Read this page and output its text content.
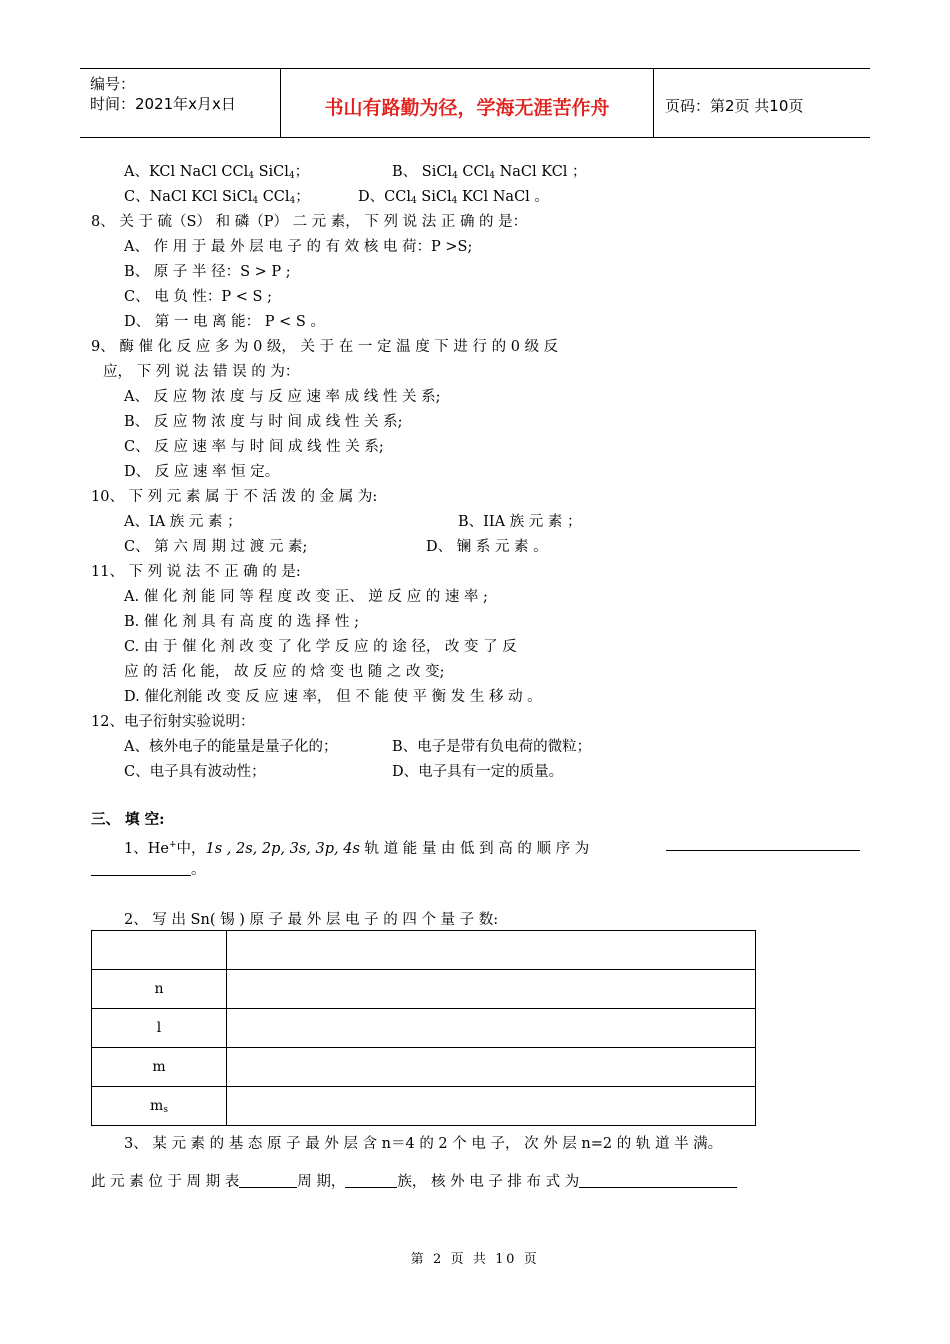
编号：
时间：2021年x月x日	书山有路勤为径，学海无涯苦作舟	页码：第2页 共10页
A、KCl NaCl CCl$_4$ SiCl$_4$；	B、 SiCl$_4$ CCl$_4$ NaCl KCl ；
C、NaCl KCl SiCl$_4$ CCl$_4$；	D、CCl$_4$ SiCl$_4$ KCl NaCl 。
8、 关 于 硫（S） 和 磷（P） 二 元 素， 下 列 说 法 正 确 的 是：
A、 作 用 于 最 外 层 电 子 的 有 效 核 电 荷：P >S;
B、 原 子 半 径：S > P ;
C、 电 负 性：P < S ;
D、 第 一 电 离 能： P < S 。
9、 酶 催 化 反 应 多 为 0 级， 关 于 在 一 定 温 度 下 进 行 的 0 级 反
应， 下 列 说 法 错 误 的 为：
A、 反 应 物 浓 度 与 反 应 速 率 成 线 性 关 系;
B、 反 应 物 浓 度 与 时 间 成 线 性 关 系;
C、 反 应 速 率 与 时 间 成 线 性 关 系;
D、 反 应 速 率 恒 定。
10、 下 列 元 素 属 于 不 活 泼 的 金 属 为:
A、IA 族 元 素 ；	B、IIA 族 元 素 ；
C、 第 六 周 期 过 渡 元 素;	D、 镧 系 元 素 。
11、 下 列 说 法 不 正 确 的 是:
A. 催 化 剂 能 同 等 程 度 改 变 正、 逆 反 应 的 速 率 ;
B. 催 化 剂 具 有 高 度 的 选 择 性 ;
C. 由 于 催 化 剂 改 变 了 化 学 反 应 的 途 径， 改 变 了 反
应 的 活 化 能， 故 反 应 的 焓 变 也 随 之 改 变;
D. 催化剂能 改 变 反 应 速 率， 但 不 能 使 平 衡 发 生 移 动 。
12、电子衍射实验说明：
A、核外电子的能量是量子化的；	B、电子是带有负电荷的微粒；
C、电子具有波动性；	D、电子具有一定的质量。
三、 填 空:
1、He+中，1s , 2s, 2p, 3s, 3p, 4s 轨 道 能 量 由 低 到 高 的 顺 序 为
。
2、 写 出 Sn( 锡 ) 原 子 最 外 层 电 子 的 四 个 量 子 数:

n	
l	
m	
$m_s$	
3、 某 元 素 的 基 态 原 子 最 外 层 含 n＝4 的 2 个 电 子， 次 外 层 n=2 的 轨 道 半 满。
此 元 素 位 于 周 期 表	周 期，	族， 核 外 电 子 排 布 式 为
第 2 页 共 10 页
